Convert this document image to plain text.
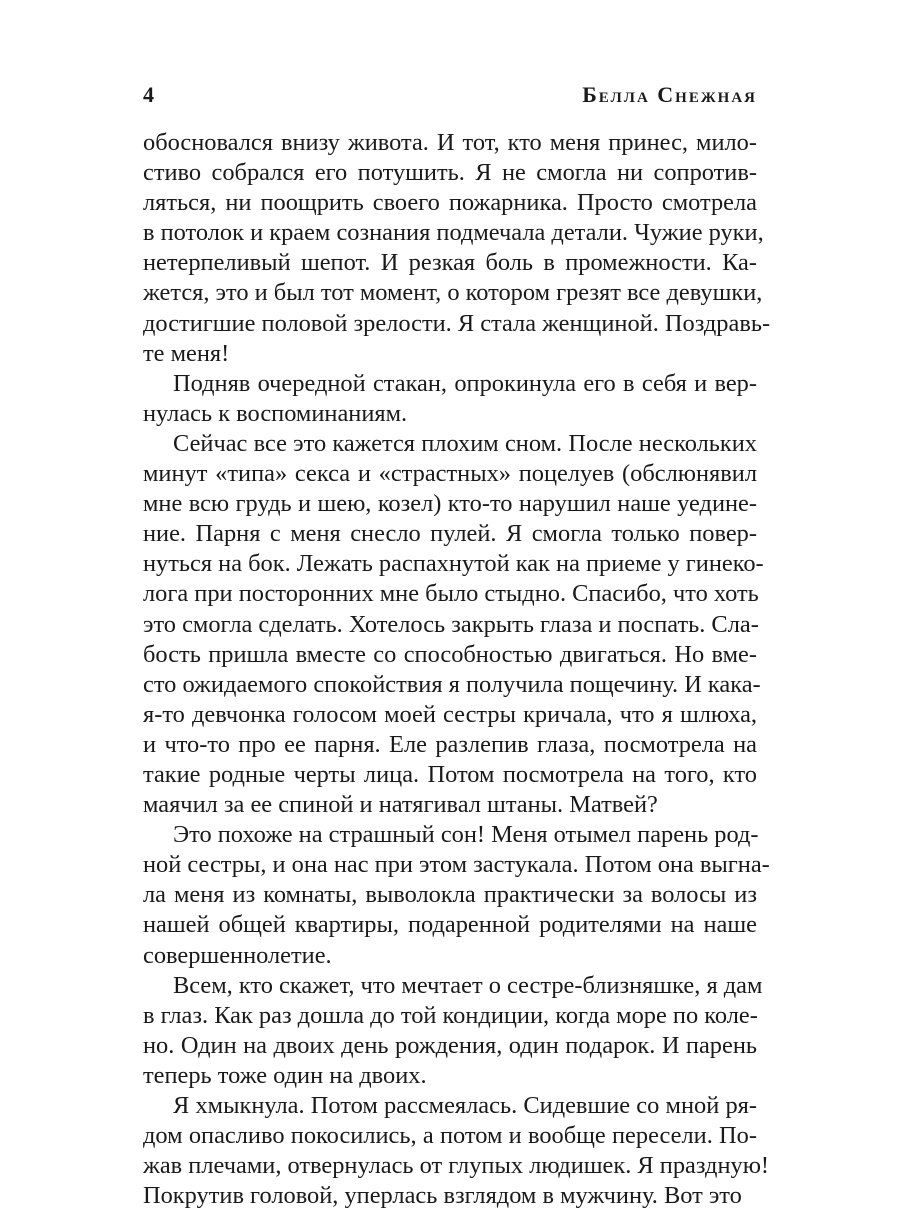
4	Белла Снежная
обосновался внизу живота. И тот, кто меня принес, мило-
стиво собрался его потушить. Я не смогла ни сопротив-
ляться, ни поощрить своего пожарника. Просто смотрела
в потолок и краем сознания подмечала детали. Чужие руки,
нетерпеливый шепот. И резкая боль в промежности. Ка-
жется, это и был тот момент, о котором грезят все девушки,
достигшие половой зрелости. Я стала женщиной. Поздравь-
те меня!
Подняв очередной стакан, опрокинула его в себя и вер-
нулась к воспоминаниям.
Сейчас все это кажется плохим сном. После нескольких
минут «типа» секса и «страстных» поцелуев (обслюнявил
мне всю грудь и шею, козел) кто-то нарушил наше уедине-
ние. Парня с меня снесло пулей. Я смогла только повер-
нуться на бок. Лежать распахнутой как на приеме у гинеко-
лога при посторонних мне было стыдно. Спасибо, что хоть
это смогла сделать. Хотелось закрыть глаза и поспать. Сла-
бость пришла вместе со способностью двигаться. Но вме-
сто ожидаемого спокойствия я получила пощечину. И кака-
я-то девчонка голосом моей сестры кричала, что я шлюха,
и что-то про ее парня. Еле разлепив глаза, посмотрела на
такие родные черты лица. Потом посмотрела на того, кто
маячил за ее спиной и натягивал штаны. Матвей?
Это похоже на страшный сон! Меня отымел парень род-
ной сестры, и она нас при этом застукала. Потом она выгна-
ла меня из комнаты, выволокла практически за волосы из
нашей общей квартиры, подаренной родителями на наше
совершеннолетие.
Всем, кто скажет, что мечтает о сестре-близняшке, я дам
в глаз. Как раз дошла до той кондиции, когда море по коле-
но. Один на двоих день рождения, один подарок. И парень
теперь тоже один на двоих.
Я хмыкнула. Потом рассмеялась. Сидевшие со мной ря-
дом опасливо покосились, а потом и вообще пересели. По-
жав плечами, отвернулась от глупых людишек. Я праздную!
Покрутив головой, уперлась взглядом в мужчину. Вот это
